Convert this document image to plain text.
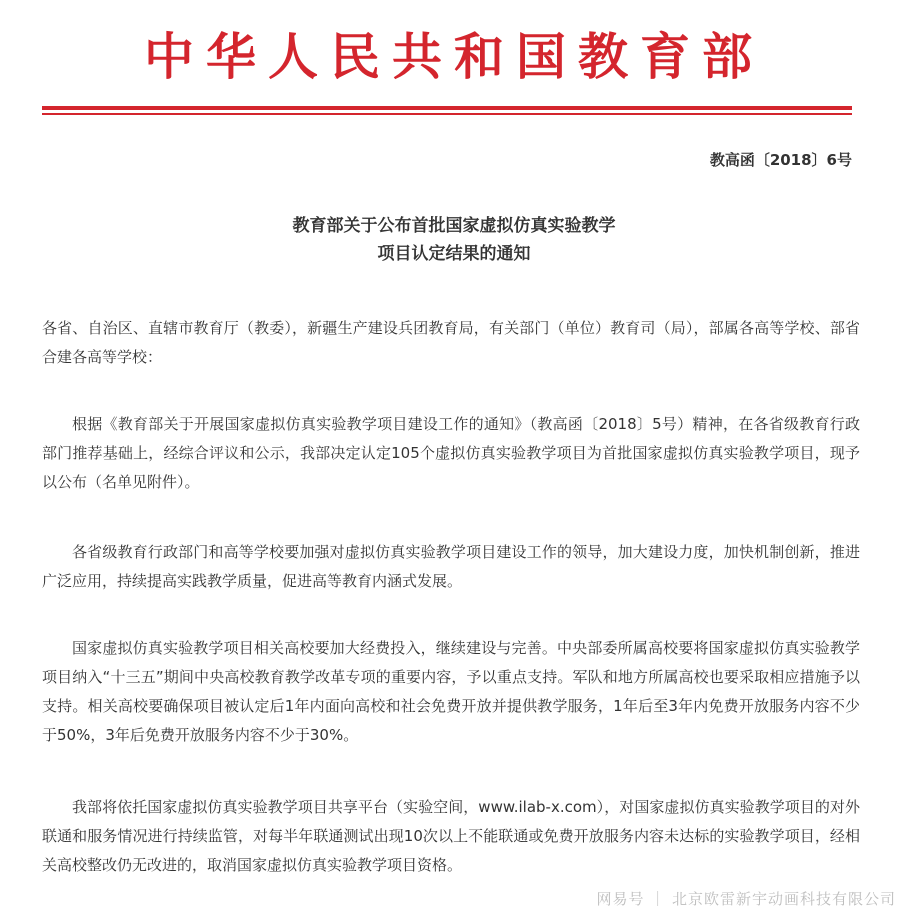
中华人民共和国教育部
教高函〔2018〕6号
教育部关于公布首批国家虚拟仿真实验教学
项目认定结果的通知

各省、自治区、直辖市教育厅（教委），新疆生产建设兵团教育局，有关部门（单位）教育司（局），部属各高等学校、部省合建各高等学校：

根据《教育部关于开展国家虚拟仿真实验教学项目建设工作的通知》（教高函〔2018〕5号）精神，在各省级教育行政部门推荐基础上，经综合评议和公示，我部决定认定105个虚拟仿真实验教学项目为首批国家虚拟仿真实验教学项目，现予以公布（名单见附件）。

各省级教育行政部门和高等学校要加强对虚拟仿真实验教学项目建设工作的领导，加大建设力度，加快机制创新，推进广泛应用，持续提高实践教学质量，促进高等教育内涵式发展。

国家虚拟仿真实验教学项目相关高校要加大经费投入，继续建设与完善。中央部委所属高校要将国家虚拟仿真实验教学项目纳入“十三五”期间中央高校教育教学改革专项的重要内容，予以重点支持。军队和地方所属高校也要采取相应措施予以支持。相关高校要确保项目被认定后1年内面向高校和社会免费开放并提供教学服务，1年后至3年内免费开放服务内容不少于50%，3年后免费开放服务内容不少于30%。

我部将依托国家虚拟仿真实验教学项目共享平台（实验空间，www.ilab-x.com），对国家虚拟仿真实验教学项目的对外联通和服务情况进行持续监管，对每半年联通测试出现10次以上不能联通或免费开放服务内容未达标的实验教学项目，经相关高校整改仍无改进的，取消国家虚拟仿真实验教学项目资格。

网易号 ｜ 北京欧雷新宇动画科技有限公司
